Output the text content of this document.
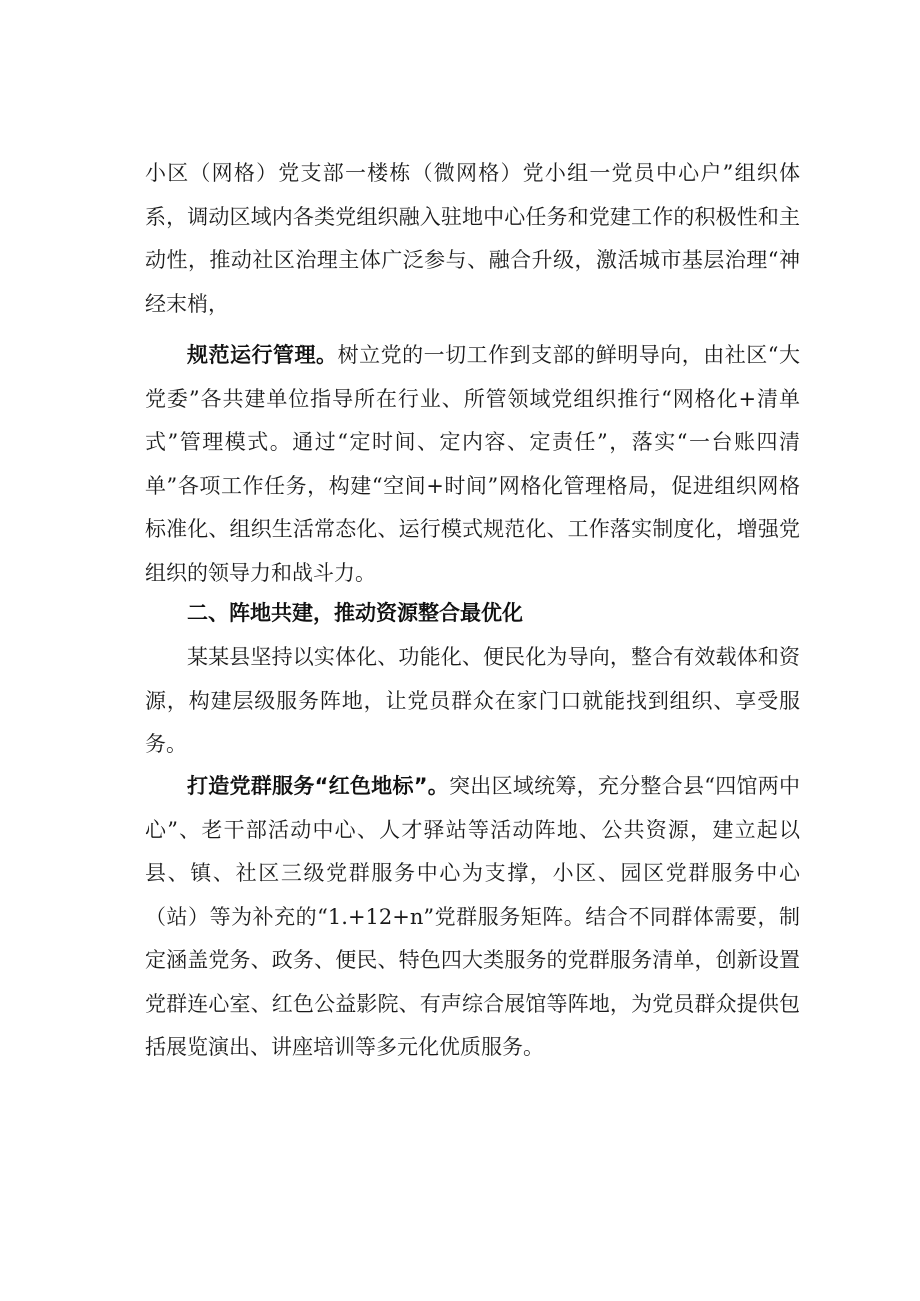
小区（网格）党支部一楼栋（微网格）党小组一党员中心户”组织体系，调动区域内各类党组织融入驻地中心任务和党建工作的积极性和主动性，推动社区治理主体广泛参与、融合升级，激活城市基层治理“神经末梢，

规范运行管理。树立党的一切工作到支部的鲜明导向，由社区“大党委”各共建单位指导所在行业、所管领域党组织推行“网格化+清单式”管理模式。通过“定时间、定内容、定责任”，落实“一台账四清单”各项工作任务，构建“空间+时间”网格化管理格局，促进组织网格标准化、组织生活常态化、运行模式规范化、工作落实制度化，增强党组织的领导力和战斗力。

二、阵地共建，推动资源整合最优化

某某县坚持以实体化、功能化、便民化为导向，整合有效载体和资源，构建层级服务阵地，让党员群众在家门口就能找到组织、享受服务。

打造党群服务“红色地标”。突出区域统筹，充分整合县“四馆两中心”、老干部活动中心、人才驿站等活动阵地、公共资源，建立起以县、镇、社区三级党群服务中心为支撑，小区、园区党群服务中心（站）等为补充的“1.+12+n”党群服务矩阵。结合不同群体需要，制定涵盖党务、政务、便民、特色四大类服务的党群服务清单，创新设置党群连心室、红色公益影院、有声综合展馆等阵地，为党员群众提供包括展览演出、讲座培训等多元化优质服务。
